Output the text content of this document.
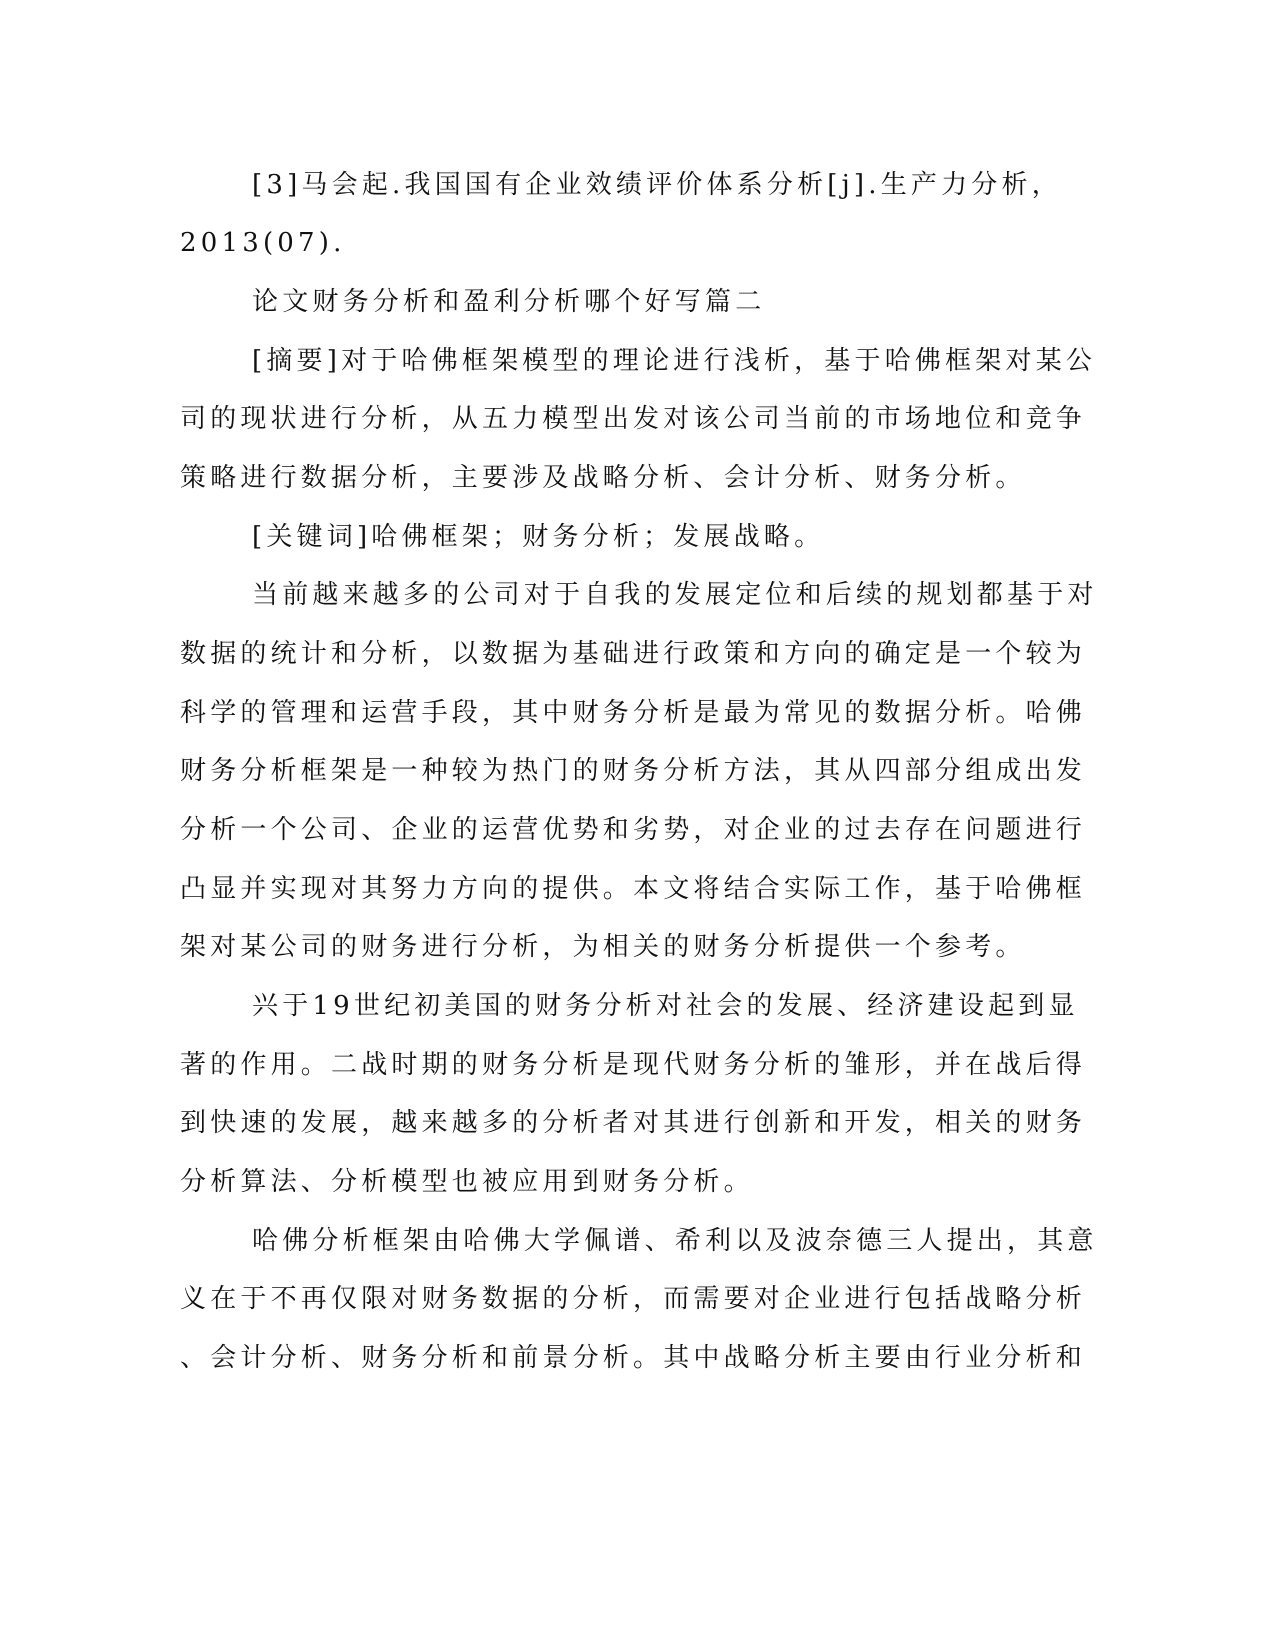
[3]马会起.我国国有企业效绩评价体系分析[j].生产力分析，

2013(07).

论文财务分析和盈利分析哪个好写篇二

[摘要]对于哈佛框架模型的理论进行浅析，基于哈佛框架对某公

司的现状进行分析，从五力模型出发对该公司当前的市场地位和竞争

策略进行数据分析，主要涉及战略分析、会计分析、财务分析。

[关键词]哈佛框架；财务分析；发展战略。

当前越来越多的公司对于自我的发展定位和后续的规划都基于对

数据的统计和分析，以数据为基础进行政策和方向的确定是一个较为

科学的管理和运营手段，其中财务分析是最为常见的数据分析。哈佛

财务分析框架是一种较为热门的财务分析方法，其从四部分组成出发

分析一个公司、企业的运营优势和劣势，对企业的过去存在问题进行

凸显并实现对其努力方向的提供。本文将结合实际工作，基于哈佛框

架对某公司的财务进行分析，为相关的财务分析提供一个参考。

兴于19世纪初美国的财务分析对社会的发展、经济建设起到显

著的作用。二战时期的财务分析是现代财务分析的雏形，并在战后得

到快速的发展，越来越多的分析者对其进行创新和开发，相关的财务

分析算法、分析模型也被应用到财务分析。

哈佛分析框架由哈佛大学佩谱、希利以及波奈德三人提出，其意

义在于不再仅限对财务数据的分析，而需要对企业进行包括战略分析

、会计分析、财务分析和前景分析。其中战略分析主要由行业分析和
